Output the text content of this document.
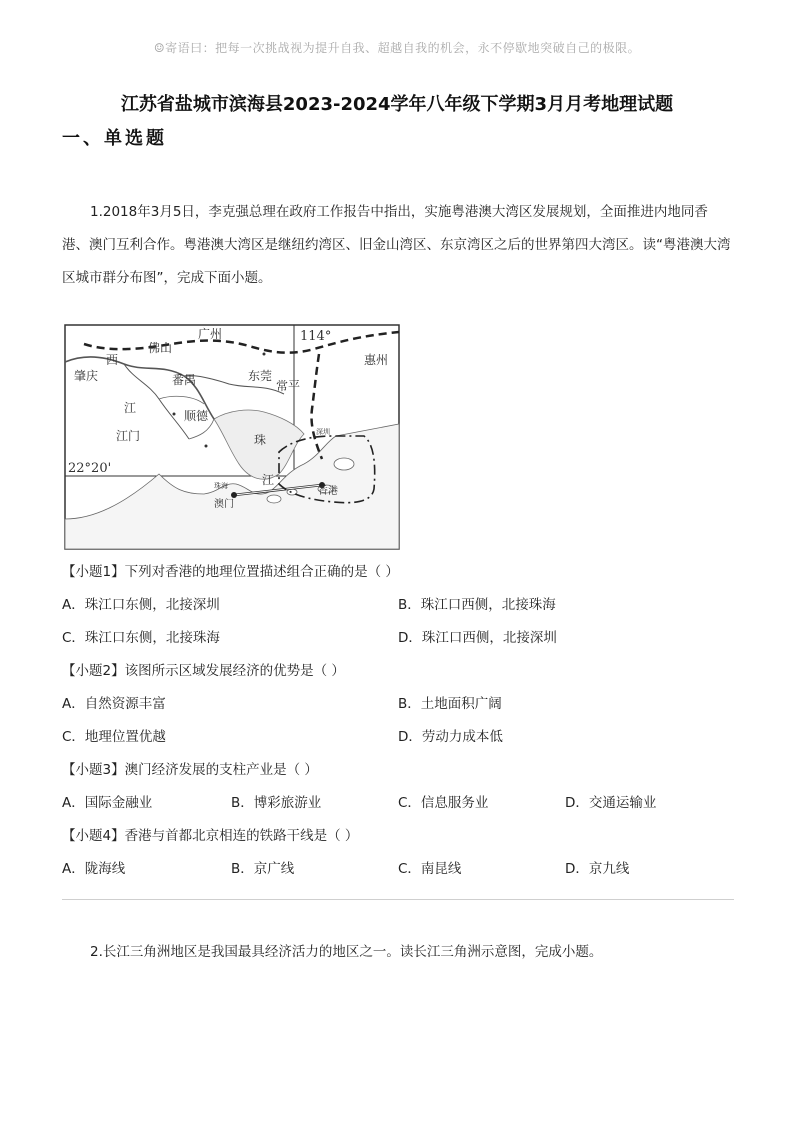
☺寄语曰：把每一次挑战视为提升自我、超越自我的机会，永不停歇地突破自己的极限。
江苏省盐城市滨海县2023-2024学年八年级下学期3月月考地理试题
一、单选题
1.2018年3月5日，李克强总理在政府工作报告中指出，实施粤港澳大湾区发展规划，全面推进内地同香港、澳门互利合作。粤港澳大湾区是继纽约湾区、旧金山湾区、东京湾区之后的世界第四大湾区。读“粤港澳大湾区城市群分布图”，完成下面小题。
广州	114°
惠州
西
佛山
肇庆	番禺	东莞
常平
江
顺德
江门	珠
深圳
22°20'
江
珠海	香港
澳门
【小题1】下列对香港的地理位置描述组合正确的是（ ）
A．珠江口东侧，北接深圳	B．珠江口西侧，北接珠海
C．珠江口东侧，北接珠海	D．珠江口西侧，北接深圳
【小题2】该图所示区域发展经济的优势是（ ）
A．自然资源丰富	B．土地面积广阔
C．地理位置优越	D．劳动力成本低
【小题3】澳门经济发展的支柱产业是（ ）
A．国际金融业	B．博彩旅游业	C．信息服务业	D．交通运输业
【小题4】香港与首都北京相连的铁路干线是（ ）
A．陇海线	B．京广线	C．南昆线	D．京九线
2.长江三角洲地区是我国最具经济活力的地区之一。读长江三角洲示意图，完成小题。
